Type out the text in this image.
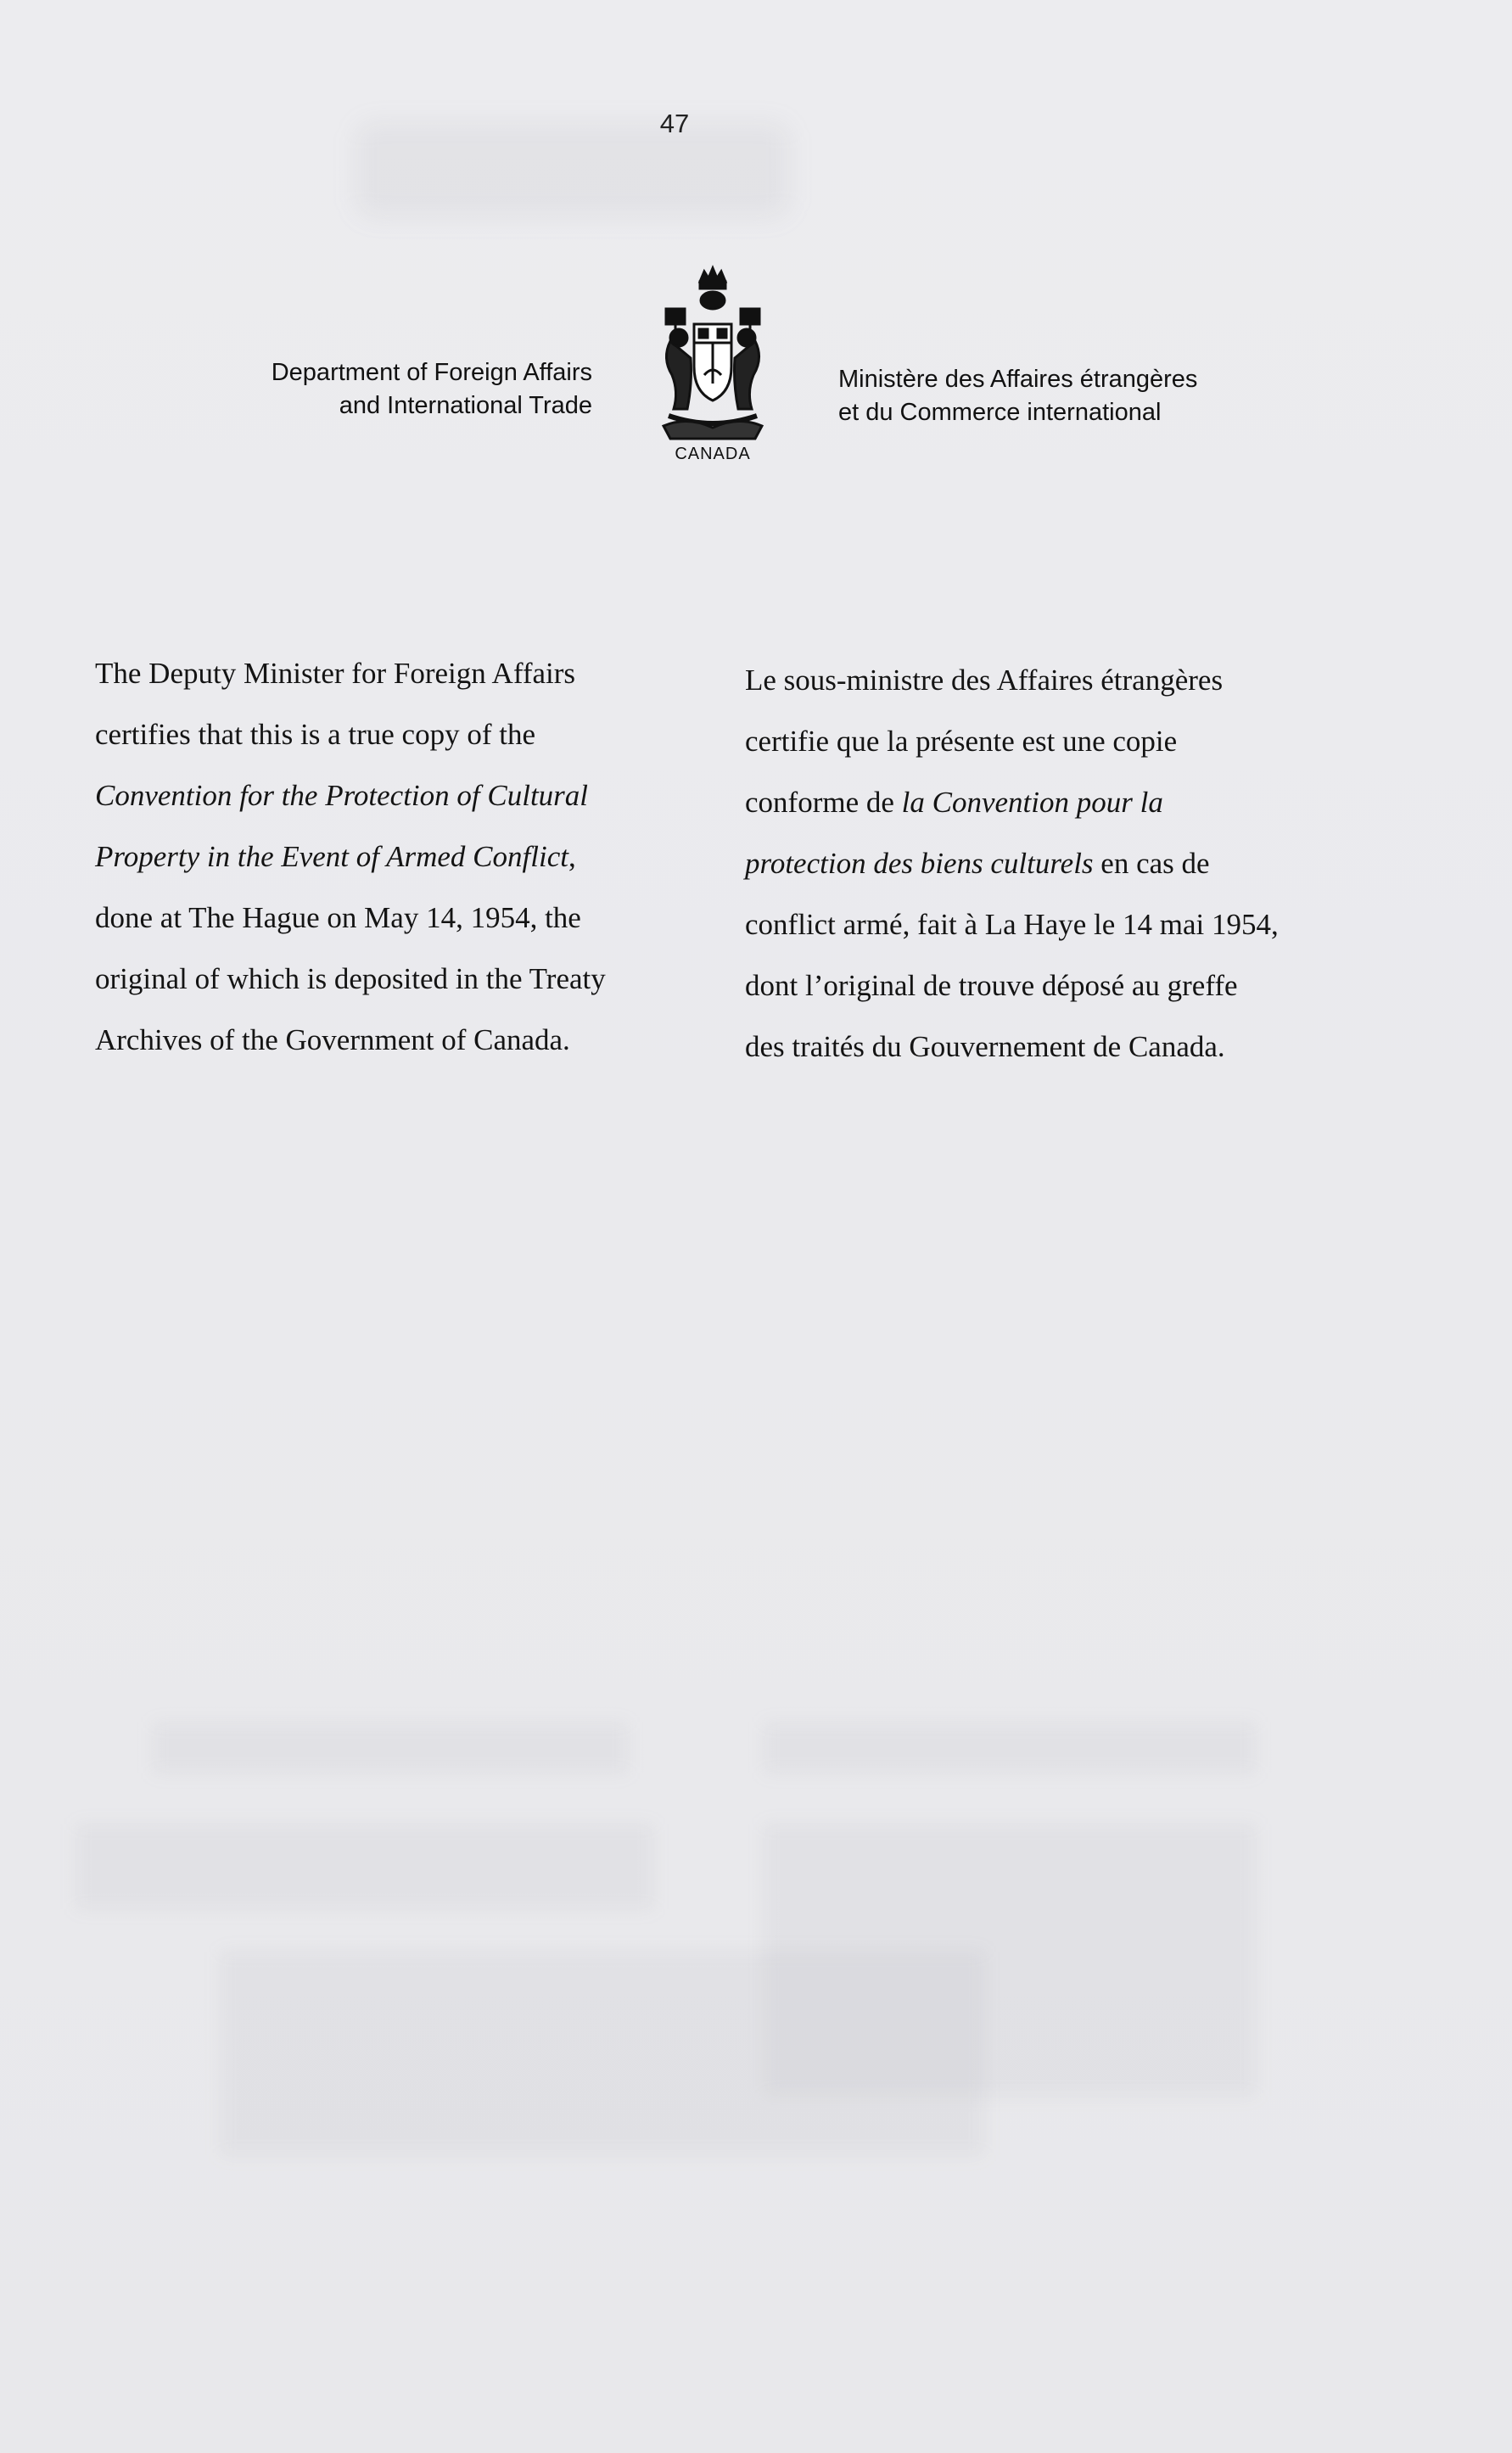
47
Department of Foreign Affairs
and International Trade
CANADA
Ministère des Affaires étrangères
et du Commerce international
The Deputy Minister for Foreign Affairs
certifies that this is a true copy of the
Convention for the Protection of Cultural
Property in the Event of Armed Conflict,
done at The Hague on May 14, 1954, the
original of which is deposited in the Treaty
Archives of the Government of Canada.
Le sous-ministre des Affaires étrangères
certifie que la présente est une copie
conforme de la Convention pour la
protection des biens culturels en cas de
conflict armé, fait à La Haye le 14 mai 1954,
dont l’original de trouve déposé au greffe
des traités du Gouvernement de Canada.
